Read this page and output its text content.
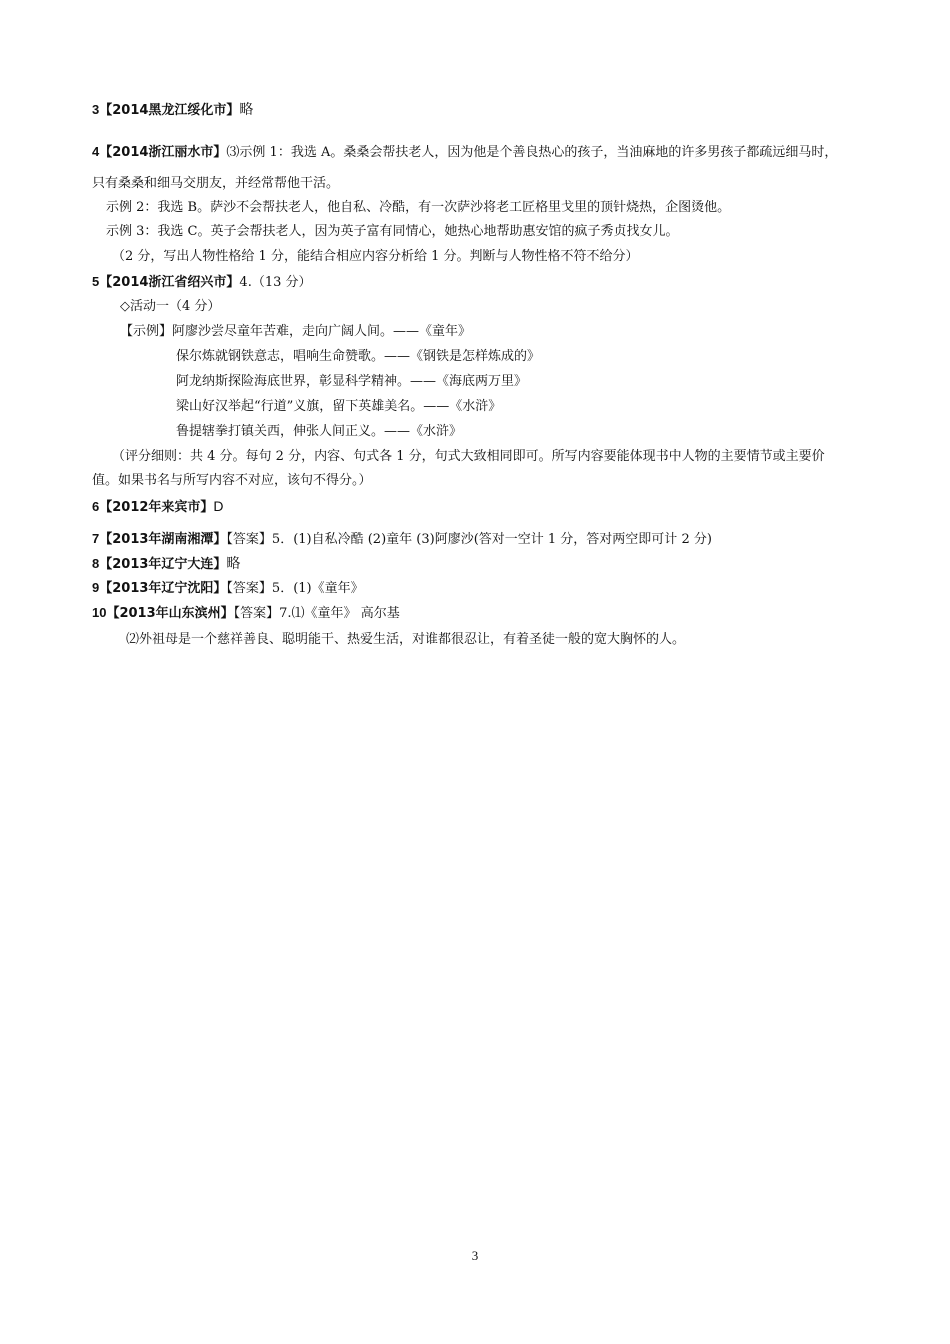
3【2014黑龙江绥化市】略
4【2014浙江丽水市】⑶示例 1：我选 A。桑桑会帮扶老人，因为他是个善良热心的孩子，当油麻地的许多男孩子都疏远细马时，
只有桑桑和细马交朋友，并经常帮他干活。
示例 2：我选 B。萨沙不会帮扶老人，他自私、冷酷，有一次萨沙将老工匠格里戈里的顶针烧热，企图烫他。
示例 3：我选 C。英子会帮扶老人，因为英子富有同情心，她热心地帮助惠安馆的疯子秀贞找女儿。
（2 分，写出人物性格给 1 分，能结合相应内容分析给 1 分。判断与人物性格不符不给分）
5【2014浙江省绍兴市】4.（13 分）
◇活动一（4 分）
【示例】阿廖沙尝尽童年苦难，走向广阔人间。——《童年》
保尔炼就钢铁意志，唱响生命赞歌。——《钢铁是怎样炼成的》
阿龙纳斯探险海底世界，彰显科学精神。——《海底两万里》
梁山好汉举起“行道”义旗，留下英雄美名。——《水浒》
鲁提辖拳打镇关西，伸张人间正义。——《水浒》
（评分细则：共 4 分。每句 2 分，内容、句式各 1 分，句式大致相同即可。所写内容要能体现书中人物的主要情节或主要价
值。如果书名与所写内容不对应，该句不得分。）
6【2012年来宾市】D
7【2013年湖南湘潭】【答案】5．(1)自私冷酷 (2)童年 (3)阿廖沙(答对一空计 1 分，答对两空即可计 2 分)
8【2013年辽宁大连】略
9【2013年辽宁沈阳】【答案】5．(1)《童年》
10【2013年山东滨州】【答案】7.⑴《童年》 高尔基
⑵外祖母是一个慈祥善良、聪明能干、热爱生活，对谁都很忍让，有着圣徒一般的宽大胸怀的人。
3
